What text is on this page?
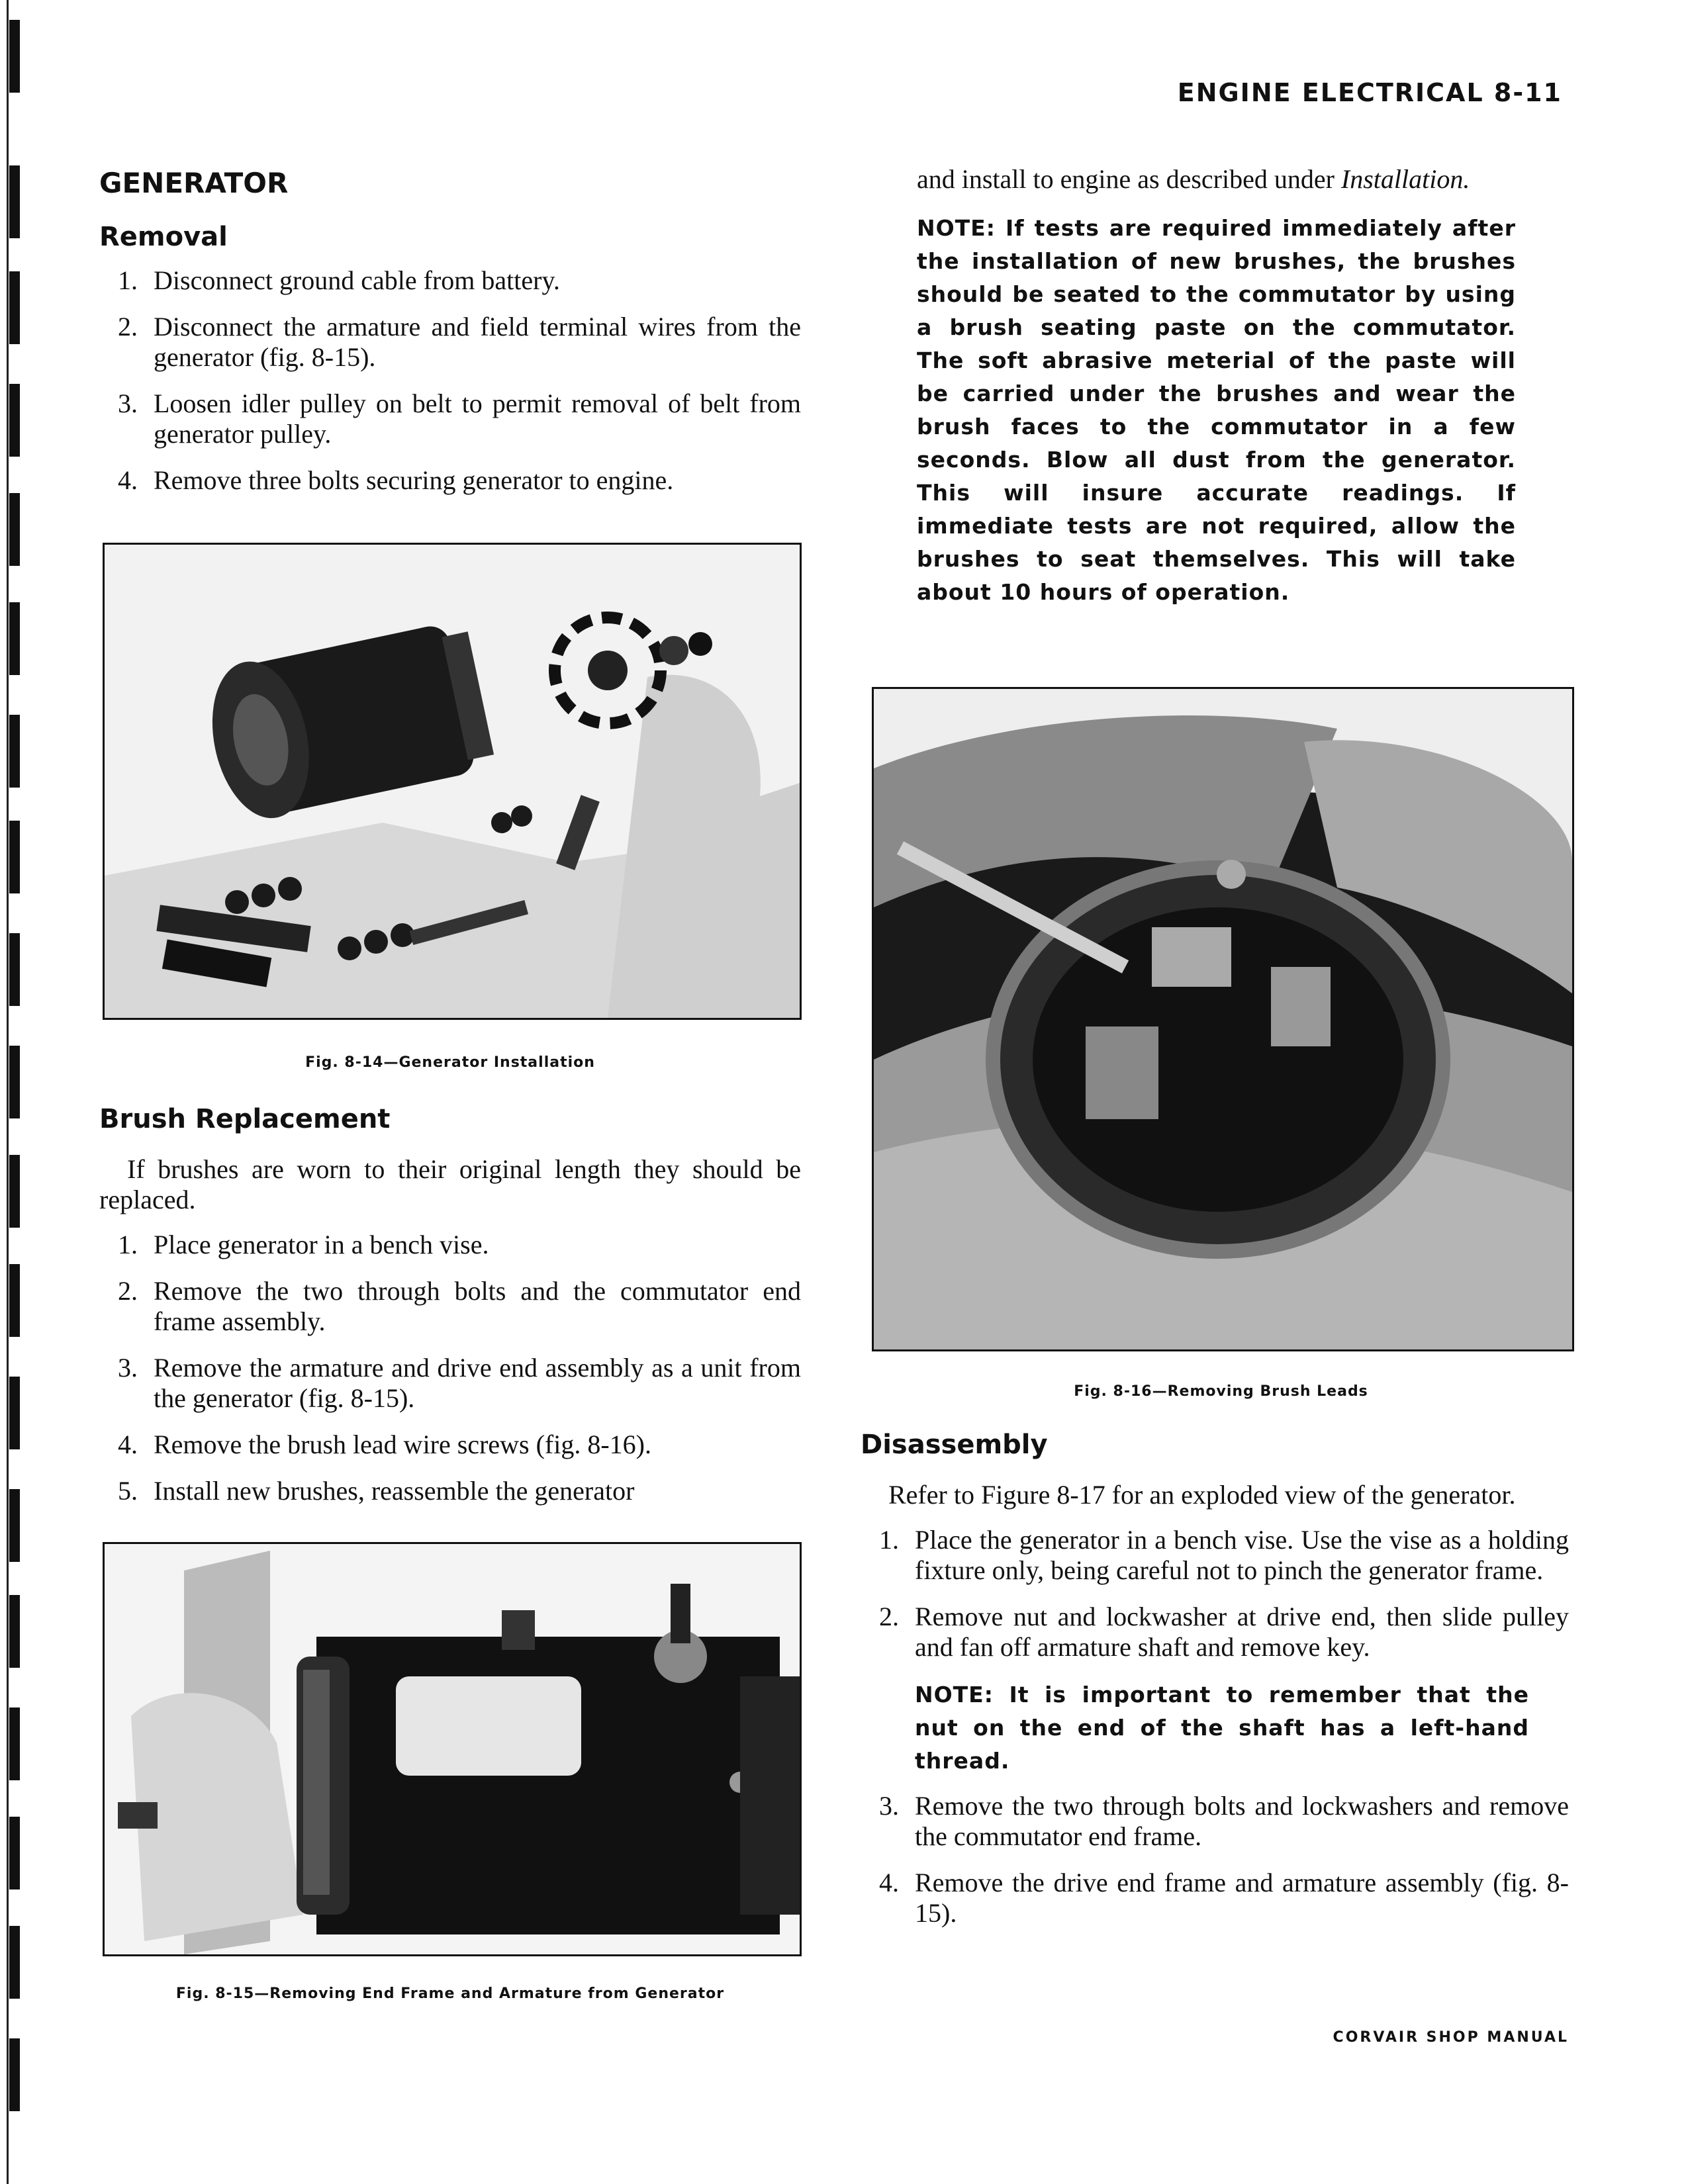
ENGINE ELECTRICAL 8-11
GENERATOR
Removal
1. Disconnect ground cable from battery.
2. Disconnect the armature and field terminal wires from the generator (fig. 8-15).
3. Loosen idler pulley on belt to permit removal of belt from generator pulley.
4. Remove three bolts securing generator to engine.
Fig. 8-14—Generator Installation
Brush Replacement

If brushes are worn to their original length they should be replaced.

1. Place generator in a bench vise.
2. Remove the two through bolts and the commutator end frame assembly.
3. Remove the armature and drive end assembly as a unit from the generator (fig. 8-15).
4. Remove the brush lead wire screws (fig. 8-16).
5. Install new brushes, reassemble the generator
Fig. 8-15—Removing End Frame and Armature from Generator

and install to engine as described under Installation.

NOTE: If tests are required immediately after the installation of new brushes, the brushes should be seated to the commutator by using a brush seating paste on the commutator. The soft abrasive meterial of the paste will be carried under the brushes and wear the brush faces to the commutator in a few seconds. Blow all dust from the generator. This will insure accurate readings. If immediate tests are not required, allow the brushes to seat themselves. This will take about 10 hours of operation.

Fig. 8-16—Removing Brush Leads
Disassembly

Refer to Figure 8-17 for an exploded view of the generator.

1. Place the generator in a bench vise. Use the vise as a holding fixture only, being careful not to pinch the generator frame.
2. Remove nut and lockwasher at drive end, then slide pulley and fan off armature shaft and remove key.

NOTE: It is important to remember that the nut on the end of the shaft has a left-hand thread.

3. Remove the two through bolts and lockwashers and remove the commutator end frame.
4. Remove the drive end frame and armature assembly (fig. 8-15).
CORVAIR SHOP MANUAL
